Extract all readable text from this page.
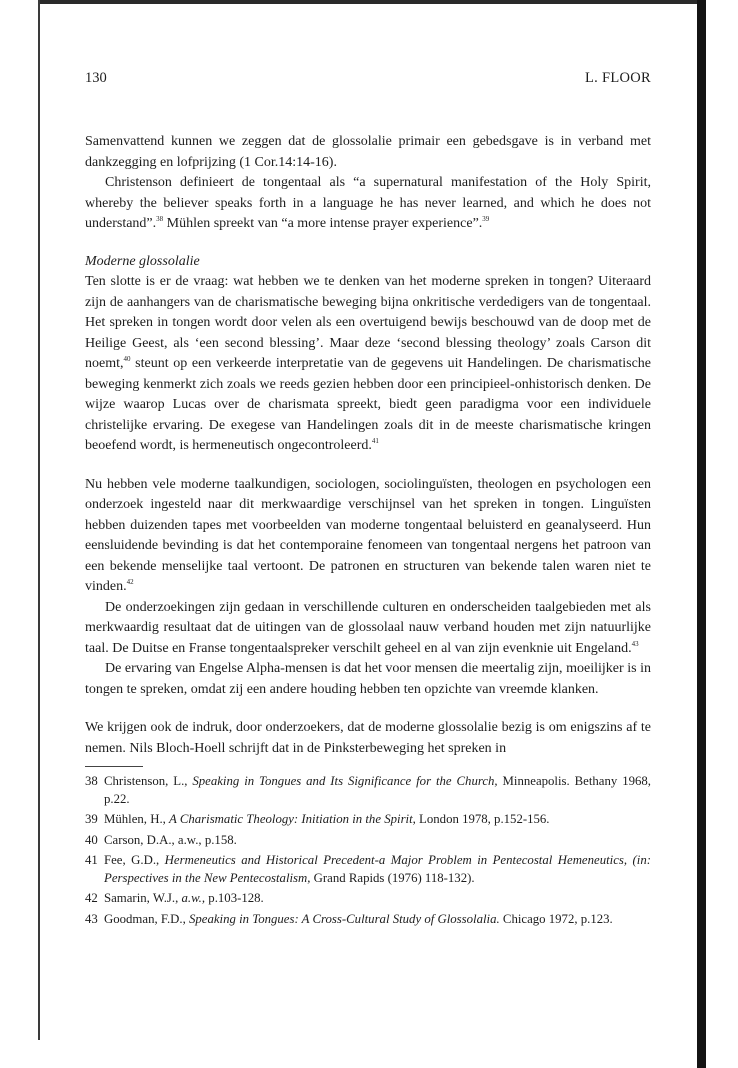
130	L. FLOOR

Samenvattend kunnen we zeggen dat de glossolalie primair een gebedsgave is in verband met dankzegging en lofprijzing (1 Cor.14:14-16).

Christenson definieert de tongentaal als “a supernatural manifestation of the Holy Spirit, whereby the believer speaks forth in a language he has never learned, and which he does not understand”.$^{38}$ Mühlen spreekt van “a more intense prayer experience”.$^{39}$

Moderne glossolalie

Ten slotte is er de vraag: wat hebben we te denken van het moderne spreken in tongen? Uiteraard zijn de aanhangers van de charismatische beweging bijna onkritische verdedigers van de tongentaal. Het spreken in tongen wordt door velen als een overtuigend bewijs beschouwd van de doop met de Heilige Geest, als ‘een second blessing’. Maar deze ‘second blessing theology’ zoals Carson dit noemt,$^{40}$ steunt op een verkeerde interpretatie van de gegevens uit Handelingen. De charismatische beweging kenmerkt zich zoals we reeds gezien hebben door een principieel-onhistorisch denken. De wijze waarop Lucas over de charismata spreekt, biedt geen paradigma voor een individuele christelijke ervaring. De exegese van Handelingen zoals dit in de meeste charismatische kringen beoefend wordt, is hermeneutisch ongecontroleerd.$^{41}$

Nu hebben vele moderne taalkundigen, sociologen, sociolinguïsten, theologen en psychologen een onderzoek ingesteld naar dit merkwaardige verschijnsel van het spreken in tongen. Linguïsten hebben duizenden tapes met voorbeelden van moderne tongentaal beluisterd en geanalyseerd. Hun eensluidende bevinding is dat het contemporaine fenomeen van tongentaal nergens het patroon van een bekende menselijke taal vertoont. De patronen en structuren van bekende talen waren niet te vinden.$^{42}$

De onderzoekingen zijn gedaan in verschillende culturen en onderscheiden taalgebieden met als merkwaardig resultaat dat de uitingen van de glossolaal nauw verband houden met zijn natuurlijke taal. De Duitse en Franse tongentaalspreker verschilt geheel en al van zijn evenknie uit Engeland.$^{43}$

De ervaring van Engelse Alpha-mensen is dat het voor mensen die meertalig zijn, moeilijker is in tongen te spreken, omdat zij een andere houding hebben ten opzichte van vreemde klanken.

We krijgen ook de indruk, door onderzoekers, dat de moderne glossolalie bezig is om enigszins af te nemen. Nils Bloch-Hoell schrijft dat in de Pinksterbeweging het spreken in

38 Christenson, L., Speaking in Tongues and Its Significance for the Church, Minneapolis. Bethany 1968, p.22.
39 Mühlen, H., A Charismatic Theology: Initiation in the Spirit, London 1978, p.152-156.
40 Carson, D.A., a.w., p.158.
41 Fee, G.D., Hermeneutics and Historical Precedent-a Major Problem in Pentecostal Hemeneutics, (in: Perspectives in the New Pentecostalism, Grand Rapids (1976) 118-132).
42 Samarin, W.J., a.w., p.103-128.
43 Goodman, F.D., Speaking in Tongues: A Cross-Cultural Study of Glossolalia. Chicago 1972, p.123.
